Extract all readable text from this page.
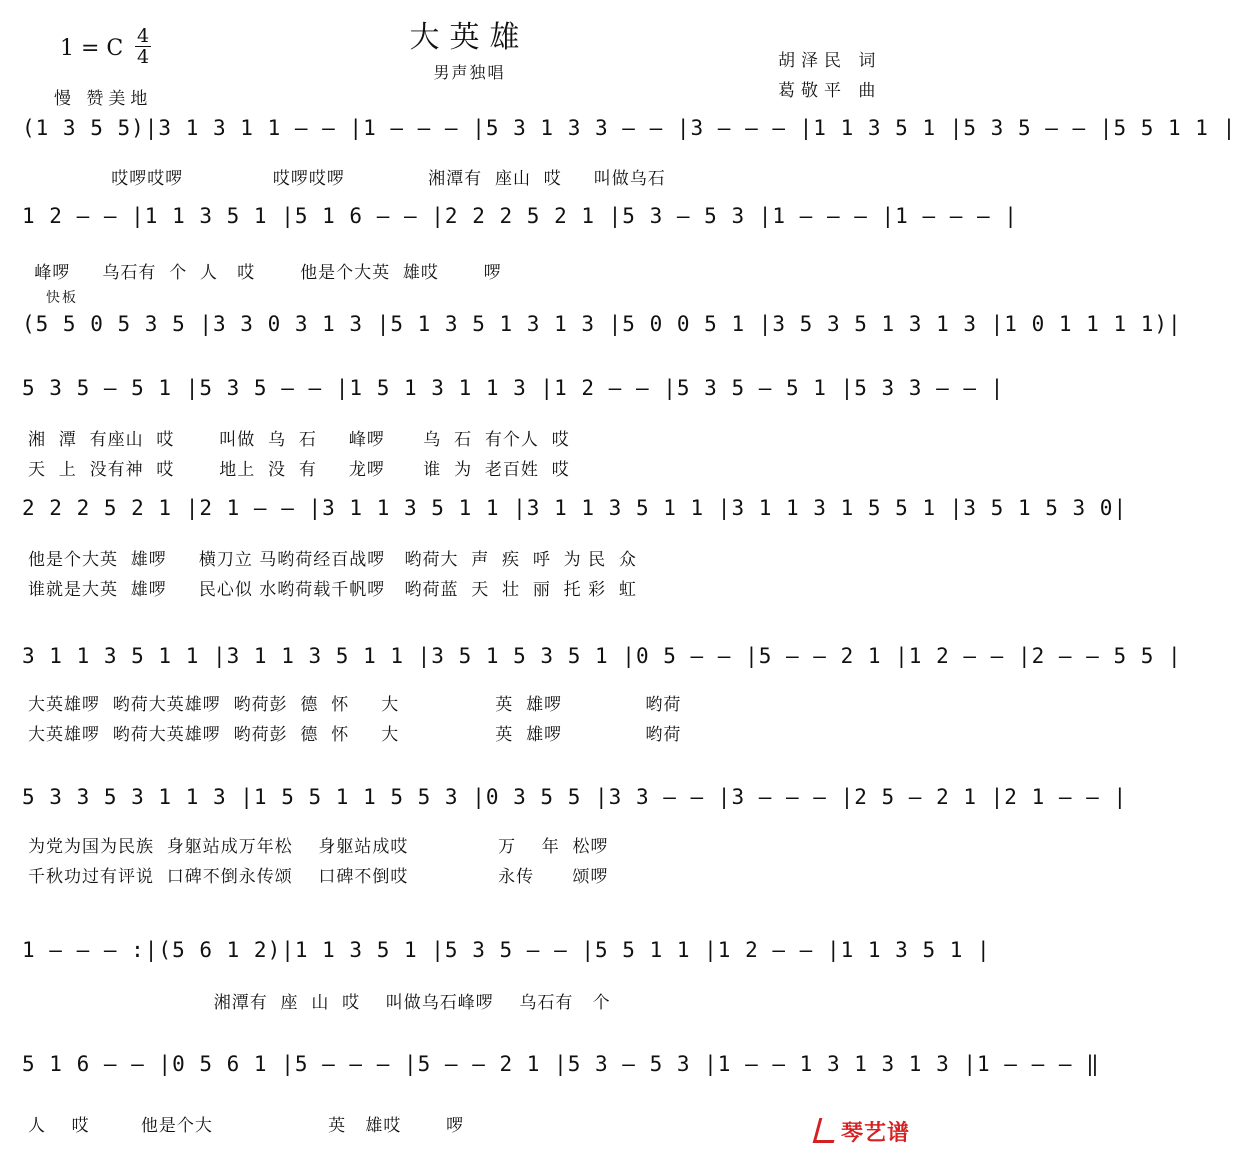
大英雄
男声独唱
1 = C 4
4
慢 赞美地
胡泽民 词
葛敬平 曲
快板
(1 3 5 5)|3 1 3 1 1 — — |1 — — — |5 3 1 3 3 — — |3 — — — |1 1 3 5 1 |5 3 5 — — |5 5 1 1 |
哎啰哎啰              哎啰哎啰             湘潭有  座山  哎     叫做乌石
1 2 — — |1 1 3 5 1 |5 1 6 — — |2 2 2 5 2 1 |5 3 — 5 3 |1 — — — |1 — — — |
峰啰     乌石有  个  人   哎       他是个大英  雄哎       啰
(5 5 0 5 3 5 |3 3 0 3 1 3 |5 1 3 5 1 3 1 3 |5 0 0 5 1 |3 5 3 5 1 3 1 3 |1 0 1 1 1 1)|
5 3 5 — 5 1 |5 3 5 — — |1 5 1 3 1 1 3 |1 2 — — |5 3 5 — 5 1 |5 3 3 — — |
湘  潭  有座山  哎       叫做  乌  石     峰啰      乌  石  有个人  哎
天  上  没有神  哎       地上  没  有     龙啰      谁  为  老百姓  哎
2 2 2 5 2 1 |2 1 — — |3 1 1 3 5 1 1 |3 1 1 3 5 1 1 |3 1 1 3 1 5 5 1 |3 5 1 5 3 0|
他是个大英  雄啰     横刀立 马哟荷经百战啰   哟荷大  声  疾  呼  为 民  众
谁就是大英  雄啰     民心似 水哟荷载千帆啰   哟荷蓝  天  壮  丽  托 彩  虹
3 1 1 3 5 1 1 |3 1 1 3 5 1 1 |3 5 1 5 3 5 1 |0 5 — — |5 — — 2 1 |1 2 — — |2 — — 5 5 |
大英雄啰  哟荷大英雄啰  哟荷彭  德  怀     大               英  雄啰             哟荷
大英雄啰  哟荷大英雄啰  哟荷彭  德  怀     大               英  雄啰             哟荷
5 3 3 5 3 1 1 3 |1 5 5 1 1 5 5 3 |0 3 5 5 |3 3 — — |3 — — — |2 5 — 2 1 |2 1 — — |
为党为国为民族  身躯站成万年松    身躯站成哎              万    年  松啰
千秋功过有评说  口碑不倒永传颂    口碑不倒哎              永传      颂啰
1 — — — :|(5 6 1 2)|1 1 3 5 1 |5 3 5 — — |5 5 1 1 |1 2 — — |1 1 3 5 1 |
湘潭有  座  山  哎    叫做乌石峰啰    乌石有   个
5 1 6 — — |0 5 6 1 |5 — — — |5 — — 2 1 |5 3 — 5 3 |1 — — 1 3 1 3 1 3 |1 — — — ‖
人    哎        他是个大                  英   雄哎       啰	琴艺谱
